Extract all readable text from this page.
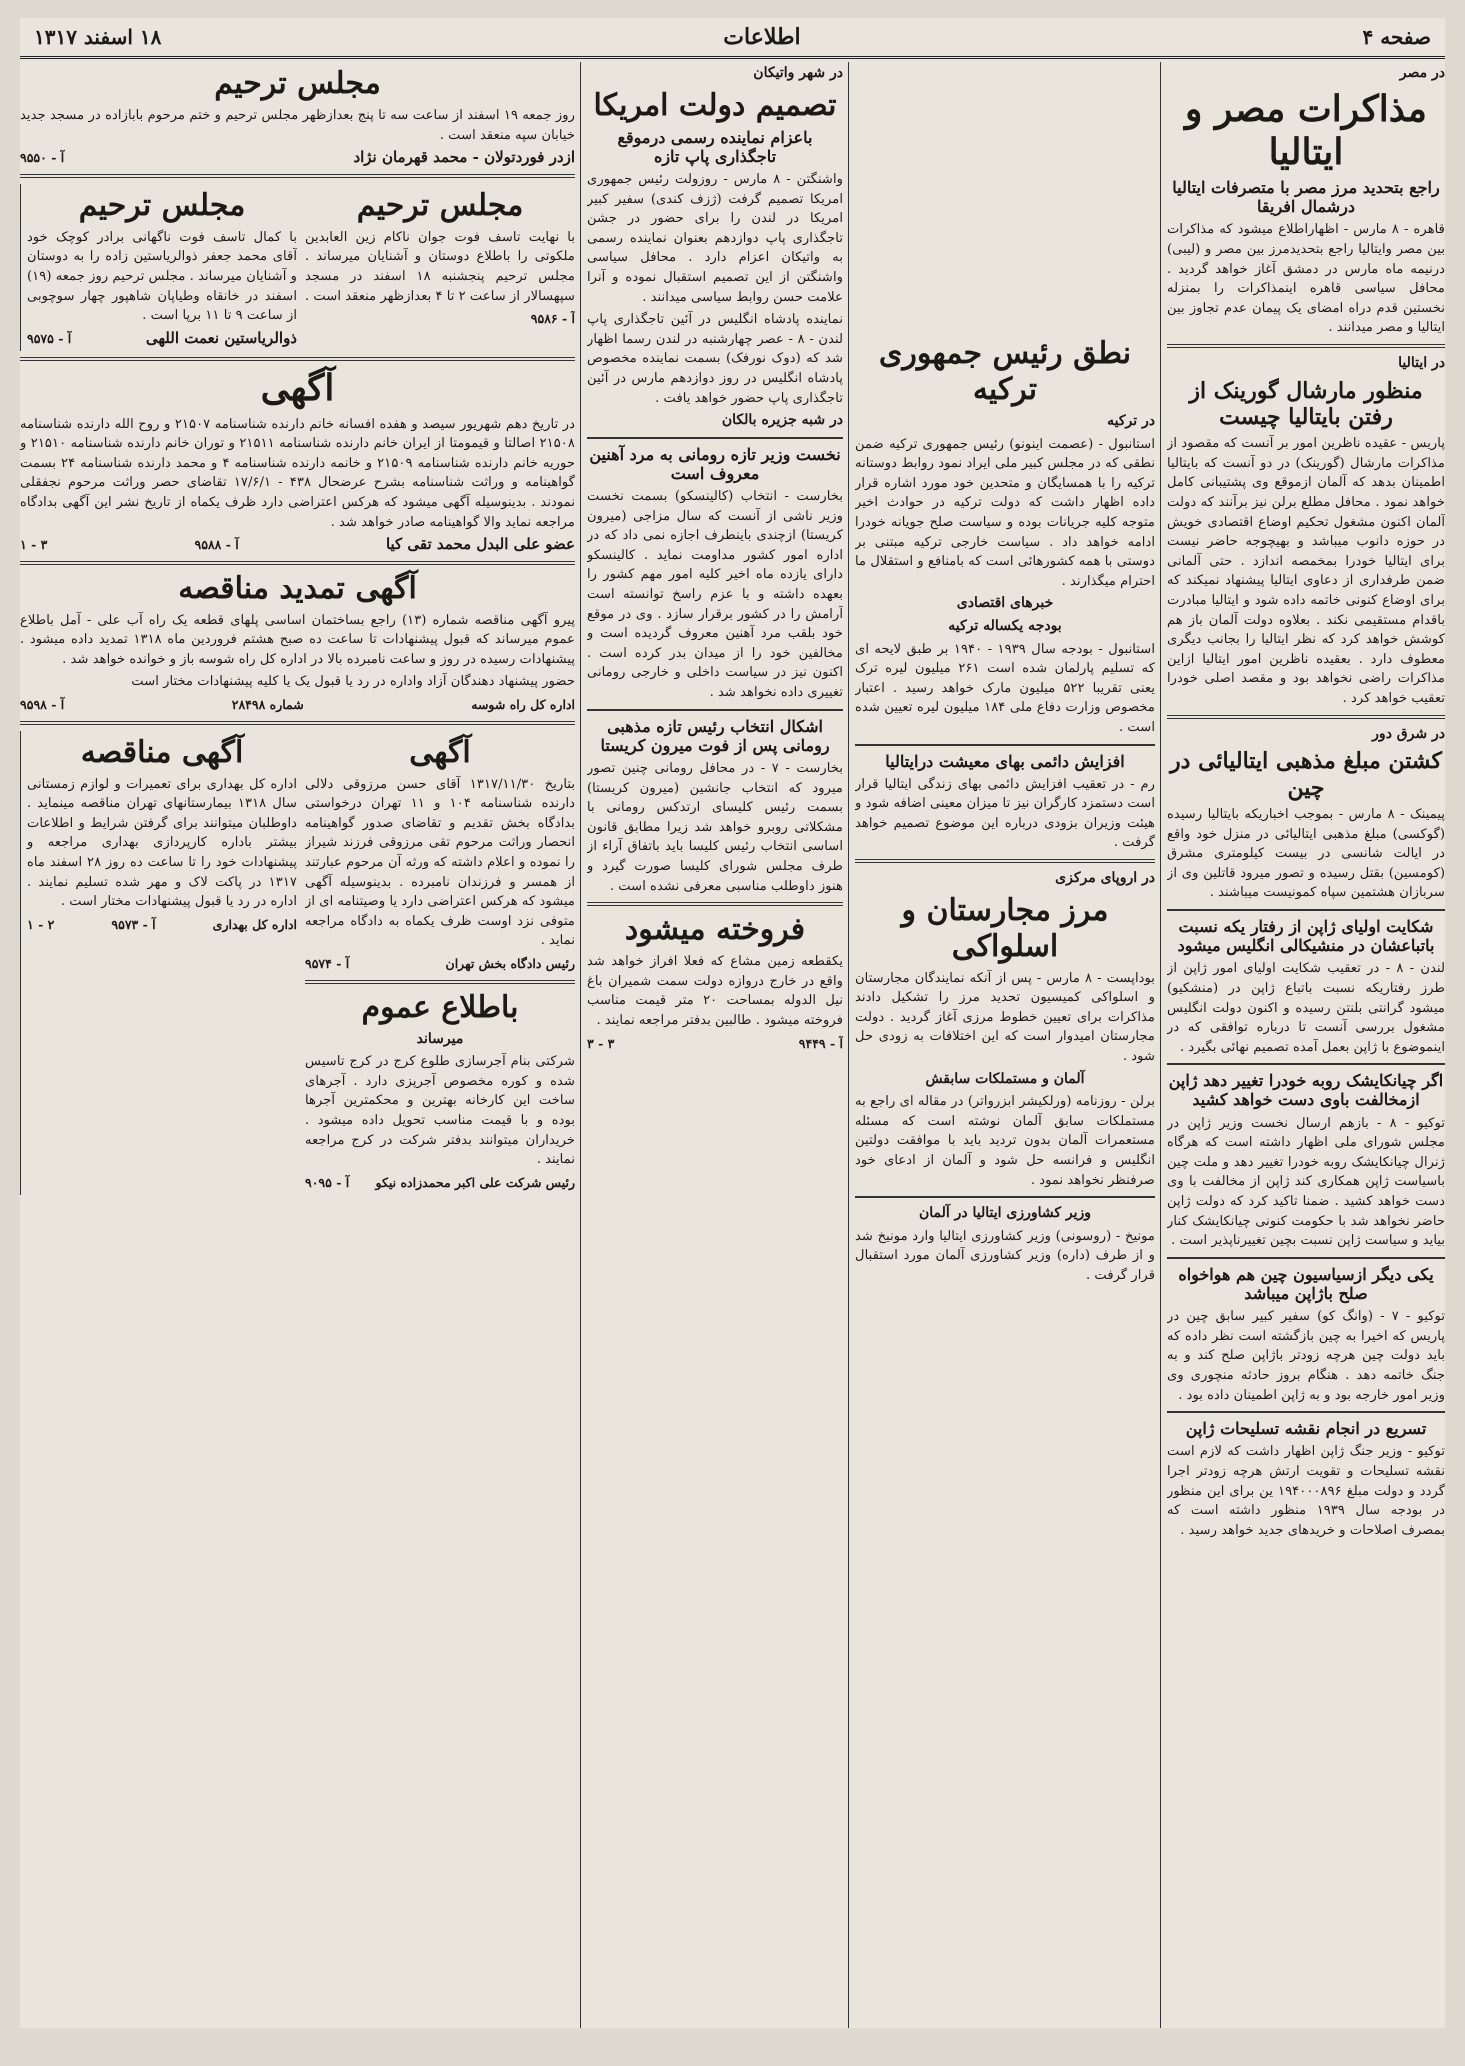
صفحه ۴
اطلاعات
۱۸ اسفند ۱۳۱۷
در مصر
مذاکرات مصر و ایتالیا
راجع بتحدید مرز مصر با متصرفات ایتالیا درشمال افریقا
قاهره - ۸ مارس - اظهاراطلاع میشود که مذاکرات بین مصر وایتالیا راجع بتحدیدمرز بین مصر و (لیبی) درنیمه ماه مارس در دمشق آغاز خواهد گردید . محافل سیاسی قاهره اینمذاکرات را بمنزله نخستین قدم دراه امضای یک پیمان عدم تجاوز بین ایتالیا و مصر میدانند .
در ایتالیا
منظور مارشال گورینک از رفتن بایتالیا چیست
پاریس - عقیده ناظرین امور بر آنست که مقصود از مذاکرات مارشال (گورینک) در دو آنست که بایتالیا اطمینان بدهد که آلمان ازموقع وی پشتیبانی کامل خواهد نمود . محافل مطلع برلن نیز برآنند که دولت آلمان اکنون مشغول تحکیم اوضاع اقتصادی خویش در حوزه دانوب میباشد و بهیچوجه حاضر نیست برای ایتالیا خودرا بمخمصه اندازد . حتی آلمانی ضمن طرفداری از دعاوی ایتالیا پیشنهاد نمیکند که برای اوضاع کنونی خاتمه داده شود و ایتالیا مبادرت باقدام مستقیمی نکند . بعلاوه دولت آلمان باز هم کوشش خواهد کرد که نظر ایتالیا را بجانب دیگری معطوف دارد . بعقیده ناظرین امور ایتالیا ازاین مذاکرات راضی نخواهد بود و مقصد اصلی خودرا تعقیب خواهد کرد .
در شرق دور
کشتن مبلغ مذهبی ایتالیائی در چین
پیمینک - ۸ مارس - بموجب اخباریکه بایتالیا رسیده (گوکسی) مبلغ مذهبی ایتالیائی در منزل خود واقع در ایالت شانسی در بیست کیلومتری مشرق (کومسین) بقتل رسیده و تصور میرود قاتلین وی از سربازان هشتمین سپاه کمونیست میباشند .
شکایت اولیای ژاپن از رفتار یکه نسبت باتباعشان در منشیکالی انگلیس میشود
لندن - ۸ - در تعقیب شکایت اولیای امور ژاپن از طرز رفتاریکه نسبت باتباع ژاپن در (منشکیو) میشود گرانتی بلنتن رسیده و اکنون دولت انگلیس مشغول بررسی آنست تا درباره توافقی که در اینموضوع با ژاپن بعمل آمده تصمیم نهائی بگیرد .
اگر چیانکایشک روبه خودرا تغییر دهد ژاپن ازمخالفت باوی دست خواهد کشید
توکیو - ۸ - بازهم ارسال نخست وزیر ژاپن در مجلس شورای ملی اظهار داشته است که هرگاه ژنرال چیانکایشک روبه خودرا تغییر دهد و ملت چین باسیاست ژاپن همکاری کند ژاپن از مخالفت با وی دست خواهد کشید . ضمنا تاکید کرد که دولت ژاپن حاضر نخواهد شد با حکومت کنونی چیانکایشک کنار بیاید و سیاست ژاپن نسبت بچین تغییرناپذیر است .
یکی دیگر ازسیاسیون چین هم هواخواه صلح باژاپن میباشد
توکیو - ۷ - (وانگ کو) سفیر کبیر سابق چین در پاریس که اخیرا به چین بازگشته است نظر داده که باید دولت چین هرچه زودتر باژاپن صلح کند و به جنگ خاتمه دهد . هنگام بروز حادثه منچوری وی وزیر امور خارجه بود و به ژاپن اطمینان داده بود .
تسریع در انجام نقشه تسلیحات ژاپن
توکیو - وزیر جنگ ژاپن اظهار داشت که لازم است نقشه تسلیحات و تقویت ارتش هرچه زودتر اجرا گردد و دولت مبلغ ۱۹۴۰۰۰۸۹۶ ین برای این منظور در بودجه سال ۱۹۳۹ منظور داشته است که بمصرف اصلاحات و خریدهای جدید خواهد رسید .
نطق رئیس جمهوری ترکیه
در ترکیه
استانبول - (عصمت اینونو) رئیس جمهوری ترکیه ضمن نطقی که در مجلس کبیر ملی ایراد نمود روابط دوستانه ترکیه را با همسایگان و متحدین خود مورد اشاره قرار داده اظهار داشت که دولت ترکیه در حوادث اخیر متوجه کلیه جریانات بوده و سیاست صلح جویانه خودرا ادامه خواهد داد . سیاست خارجی ترکیه مبتنی بر دوستی با همه کشورهائی است که بامنافع و استقلال ما احترام میگذارند .
خبرهای اقتصادی
بودجه یکساله ترکیه
استانبول - بودجه سال ۱۹۳۹ - ۱۹۴۰ بر طبق لایحه ای که تسلیم پارلمان شده است ۲۶۱ میلیون لیره ترک یعنی تقریبا ۵۲۲ میلیون مارک خواهد رسید . اعتبار مخصوص وزارت دفاع ملی ۱۸۴ میلیون لیره تعیین شده است .
افزایش دائمی بهای معیشت درایتالیا
رم - در تعقیب افزایش دائمی بهای زندگی ایتالیا قرار است دستمزد کارگران نیز تا میزان معینی اضافه شود و هیئت وزیران بزودی درباره این موضوع تصمیم خواهد گرفت .
در اروپای مرکزی
مرز مجارستان و اسلواکی
بوداپست - ۸ مارس - پس از آنکه نمایندگان مجارستان و اسلواکی کمیسیون تحدید مرز را تشکیل دادند مذاکرات برای تعیین خطوط مرزی آغاز گردید . دولت مجارستان امیدوار است که این اختلافات به زودی حل شود .
آلمان و مستملکات سابقش
برلن - روزنامه (ورلکیشر ابزرواتر) در مقاله ای راجع به مستملکات سابق آلمان نوشته است که مسئله مستعمرات آلمان بدون تردید باید با موافقت دولتین انگلیس و فرانسه حل شود و آلمان از ادعای خود صرفنظر نخواهد نمود .
وزیر کشاورزی ایتالیا در آلمان
مونیخ - (روسونی) وزیر کشاورزی ایتالیا وارد مونیخ شد و از طرف (داره) وزیر کشاورزی آلمان مورد استقبال قرار گرفت .
در شهر واتیکان
تصمیم دولت امریکا
باعزام نماینده رسمی درموقع تاجگذاری پاپ تازه
واشنگتن - ۸ مارس - روزولت رئیس جمهوری امریکا تصمیم گرفت (ژزف کندی) سفیر کبیر امریکا در لندن را برای حضور در جشن تاجگذاری پاپ دوازدهم بعنوان نماینده رسمی به واتیکان اعزام دارد . محافل سیاسی واشنگتن از این تصمیم استقبال نموده و آنرا علامت حسن روابط سیاسی میدانند .
نماینده پادشاه انگلیس در آئین تاجگذاری پاپ لندن - ۸ - عصر چهارشنبه در لندن رسما اظهار شد که (دوک نورفک) بسمت نماینده مخصوص پادشاه انگلیس در روز دوازدهم مارس در آئین تاجگذاری پاپ حضور خواهد یافت .
در شبه جزیره بالکان
نخست وزیر تازه رومانی به مرد آهنین معروف است
بخارست - انتخاب (کالینسکو) بسمت نخست وزیر ناشی از آنست که سال مزاجی (میرون کریستا) ازچندی باینطرف اجازه نمی داد که در اداره امور کشور مداومت نماید . کالینسکو دارای یازده ماه اخیر کلیه امور مهم کشور را بعهده داشته و با عزم راسخ توانسته است آرامش را در کشور برقرار سازد . وی در موقع خود بلقب مرد آهنین معروف گردیده است و مخالفین خود را از میدان بدر کرده است . اکنون نیز در سیاست داخلی و خارجی رومانی تغییری داده نخواهد شد .
اشکال انتخاب رئیس تازه مذهبی رومانی پس از فوت میرون کریستا
بخارست - ۷ - در محافل رومانی چنین تصور میرود که انتخاب جانشین (میرون کریستا) بسمت رئیس کلیسای ارتدکس رومانی با مشکلاتی روبرو خواهد شد زیرا مطابق قانون اساسی انتخاب رئیس کلیسا باید باتفاق آراء از طرف مجلس شورای کلیسا صورت گیرد و هنوز داوطلب مناسبی معرفی نشده است .
فروخته میشود
یکقطعه زمین مشاع که فعلا افراز خواهد شد واقع در خارج دروازه دولت سمت شمیران باغ نیل الدوله بمساحت ۲۰ متر قیمت مناسب فروخته میشود . طالبین بدفتر مراجعه نمایند .
آ - ۹۴۴۹
۳ - ۳
مجلس ترحیم
روز جمعه ۱۹ اسفند از ساعت سه تا پنج بعدازظهر مجلس ترحیم و ختم مرحوم بابازاده در مسجد جدید خیابان سپه منعقد است .
ازدر فوردتولان - محمد قهرمان نژاد
آ - ۹۵۵۰
مجلس ترحیم
با نهایت تاسف فوت جوان ناکام زین العابدین ملکوتی را باطلاع دوستان و آشنایان میرساند . مجلس ترحیم پنجشنبه ۱۸ اسفند در مسجد سپهسالار از ساعت ۲ تا ۴ بعدازظهر منعقد است .
آ - ۹۵۸۶
مجلس ترحیم
با کمال تاسف فوت ناگهانی برادر کوچک خود آقای محمد جعفر ذوالریاستین زاده را به دوستان و آشنایان میرساند . مجلس ترحیم روز جمعه (۱۹) اسفند در خانقاه وطیاپان شاهپور چهار سوچوبی از ساعت ۹ تا ۱۱ برپا است .
ذوالریاستین نعمت اللهی
آ - ۹۵۷۵
آگهی
در تاریخ دهم شهریور سیصد و هفده افسانه خانم دارنده شناسنامه ۲۱۵۰۷ و روح الله دارنده شناسنامه ۲۱۵۰۸ اصالتا و قیمومتا از ایران خانم دارنده شناسنامه ۲۱۵۱۱ و توران خانم دارنده شناسنامه ۲۱۵۱۰ و حوریه خانم دارنده شناسنامه ۲۱۵۰۹ و خانمه دارنده شناسنامه ۴ و محمد دارنده شناسنامه ۲۴ بسمت گواهینامه و وراثت شناسنامه بشرح عرضحال ۴۳۸ - ۱۷/۶/۱ تقاضای حصر وراثت مرحوم نجفقلی نمودند . بدینوسیله آگهی میشود که هرکس اعتراضی دارد ظرف یکماه از تاریخ نشر این آگهی بدادگاه مراجعه نماید والا گواهینامه صادر خواهد شد .
عضو علی البدل محمد تقی کیا
آ - ۹۵۸۸
۳ - ۱
آگهی تمدید مناقصه
پیرو آگهی مناقصه شماره (۱۳) راجع بساختمان اساسی پلهای قطعه یک راه آب علی - آمل باطلاع عموم میرساند که قبول پیشنهادات تا ساعت ده صبح هشتم فروردین ماه ۱۳۱۸ تمدید داده میشود . پیشنهادات رسیده در روز و ساعت نامبرده بالا در اداره کل راه شوسه باز و خوانده خواهد شد .
حضور پیشنهاد دهندگان آزاد واداره در رد یا قبول یک یا کلیه پیشنهادات مختار است
اداره کل راه شوسه
شماره ۲۸۴۹۸
آ - ۹۵۹۸
آگهی
بتاریخ ۱۳۱۷/۱۱/۳۰ آقای حسن مرزوقی دلالی دارنده شناسنامه ۱۰۴ و ۱۱ تهران درخواستی بدادگاه بخش تقدیم و تقاضای صدور گواهینامه انحصار وراثت مرحوم تقی مرزوقی فرزند شیراز را نموده و اعلام داشته که ورثه آن مرحوم عبارتند از همسر و فرزندان نامبرده . بدینوسیله آگهی میشود که هرکس اعتراضی دارد یا وصیتنامه ای از متوفی نزد اوست ظرف یکماه به دادگاه مراجعه نماید .
رئیس دادگاه بخش تهران
آ - ۹۵۷۴
باطلاع عموم
میرساند
شرکتی بنام آجرسازی طلوع کرج در کرج تاسیس شده و کوره مخصوص آجرپزی دارد . آجرهای ساخت این کارخانه بهترین و محکمترین آجرها بوده و با قیمت مناسب تحویل داده میشود . خریداران میتوانند بدفتر شرکت در کرج مراجعه نمایند .
رئیس شرکت علی اکبر محمدزاده نیکو
آ - ۹۰۹۵
آگهی مناقصه
اداره کل بهداری برای تعمیرات و لوازم زمستانی سال ۱۳۱۸ بیمارستانهای تهران مناقصه مینماید . داوطلبان میتوانند برای گرفتن شرایط و اطلاعات بیشتر باداره کارپردازی بهداری مراجعه و پیشنهادات خود را تا ساعت ده روز ۲۸ اسفند ماه ۱۳۱۷ در پاکت لاک و مهر شده تسلیم نمایند . اداره در رد یا قبول پیشنهادات مختار است .
اداره کل بهداری
آ - ۹۵۷۳
۲ - ۱
